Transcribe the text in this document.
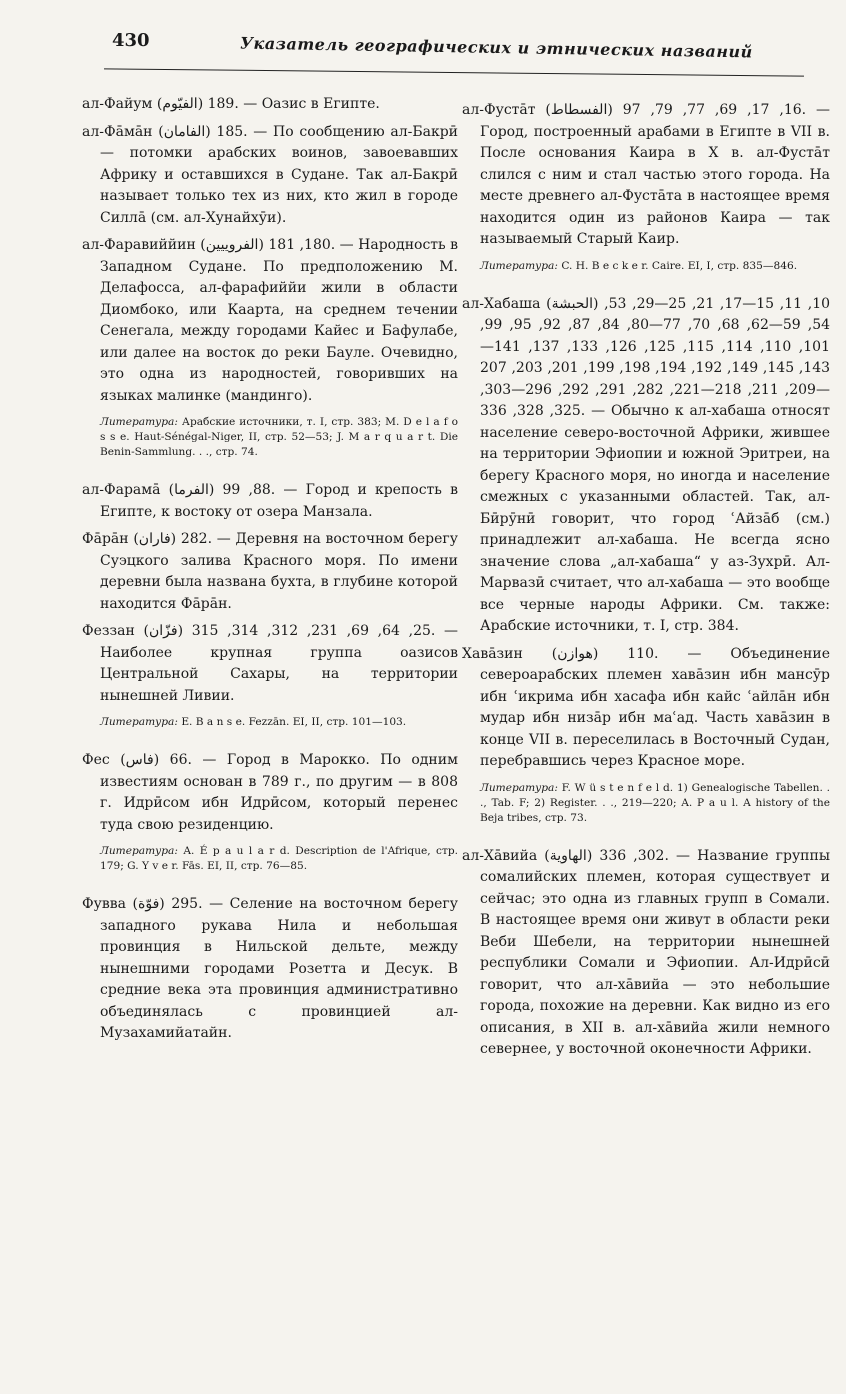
430	Указатель географических и этнических названий

ал-Файум (الفيّوم) 189. — Оазис в Египте.

ал-Фа̄ма̄н (الفامان) 185. — По сообщению ал-Бакрӣ — потомки арабских воинов, завоевавших Африку и оставшихся в Судане. Так ал-Бакрӣ называет только тех из них, кто жил в городе Силла̄ (см. ал-Хунайхӯи).

ал-Фаравиййин (الفروييين) 180, 181. — Народность в Западном Судане. По предположению М. Делафосса, ал-фарафиййи жили в области Диомбоко, или Каарта, на среднем течении Сенегала, между городами Кайес и Бафулабе, или далее на восток до реки Бауле. Очевидно, это одна из народностей, говоривших на языках малинке (мандинго).

Литература: Арабские источники, т. I, стр. 383; M. D e l a f o s s e. Haut-Sénégal-Niger, II, стр. 52—53; J. M a r q u a r t. Die Benin-Sammlung. . ., стр. 74.

ал-Фарама̄ (الفرما) 88, 99. — Город и крепость в Египте, к востоку от озера Манзала.

Фа̄ра̄н (فاران) 282. — Деревня на восточном берегу Суэцкого залива Красного моря. По имени деревни была названа бухта, в глубине которой находится Фа̄ра̄н.

Феззан (فزّان) 25, 64, 69, 231, 312, 314, 315. — Наиболее крупная группа оазисов Центральной Сахары, на территории нынешней Ливии.

Литература: E. B a n s e. Fezzān. EI, II, стр. 101—103.

Фес (فاس) 66. — Город в Марокко. По одним известиям основан в 789 г., по другим — в 808 г. Идрӣсом ибн Идрӣсом, который перенес туда свою резиденцию.

Литература: A. É p a u l a r d. Description de l'Afrique, стр. 179; G. Y v e r. Fās. EI, II, стр. 76—85.

Фувва (فوّة) 295. — Селение на восточном берегу западного рукава Нила и небольшая провинция в Нильской дельте, между нынешними городами Розетта и Десук. В средние века эта провинция административно объединялась с провинцией ал-Музахамийатайн.

ал-Фуста̄т (الفسطاط) 16, 17, 69, 77, 79, 97. — Город, построенный арабами в Египте в VII в. После основания Каира в X в. ал-Фуста̄т слился с ним и стал частью этого города. На месте древнего ал-Фуста̄та в настоящее время находится один из районов Каира — так называемый Старый Каир.

Литература: C. H. B e c k e r. Caire. EI, I, стр. 835—846.

ал-Хабаша (الحبشة) 10, 11, 15—17, 21, 25—29, 53, 54, 59—62, 68, 70, 77—80, 84, 87, 92, 95, 99, 101, 110, 114, 115, 125, 126, 133, 137, 141—143, 145, 149, 192, 194, 198, 199, 201, 203, 207—209, 211, 218—221, 282, 291, 292, 296—303, 325, 328, 336. — Обычно к ал-хабаша относят население северо-восточной Африки, жившее на территории Эфиопии и южной Эритреи, на берегу Красного моря, но иногда и население смежных с указанными областей. Так, ал-Бӣрӯнӣ говорит, что город ʿАйза̄б (см.) принадлежит ал-хабаша. Не всегда ясно значение слова „ал-хабаша“ у аз-Зухрӣ. Ал-Марвазӣ считает, что ал-хабаша — это вообще все черные народы Африки. См. также: Арабские источники, т. I, стр. 384.

Хава̄зин (هوازن) 110. — Объединение североарабских племен хава̄зин ибн мансӯр ибн ʿикрима ибн хасафа ибн кайс ʿайла̄н ибн мудар ибн низа̄р ибн маʿад. Часть хава̄зин в конце VII в. переселилась в Восточный Судан, перебравшись через Красное море.

Литература: F. W ü s t e n f e l d. 1) Genealogische Tabellen. . ., Tab. F; 2) Register. . ., 219—220; A. P a u l. A history of the Beja tribes, стр. 73.

ал-Ха̄вийа (الهاوية) 302, 336. — Название группы сомалийских племен, которая существует и сейчас; это одна из главных групп в Сомали. В настоящее время они живут в области реки Веби Шебели, на территории нынешней республики Сомали и Эфиопии. Ал-Идрӣсӣ говорит, что ал-ха̄вийа — это небольшие города, похожие на деревни. Как видно из его описания, в XII в. ал-ха̄вийа жили немного севернее, у восточной оконечности Африки.
